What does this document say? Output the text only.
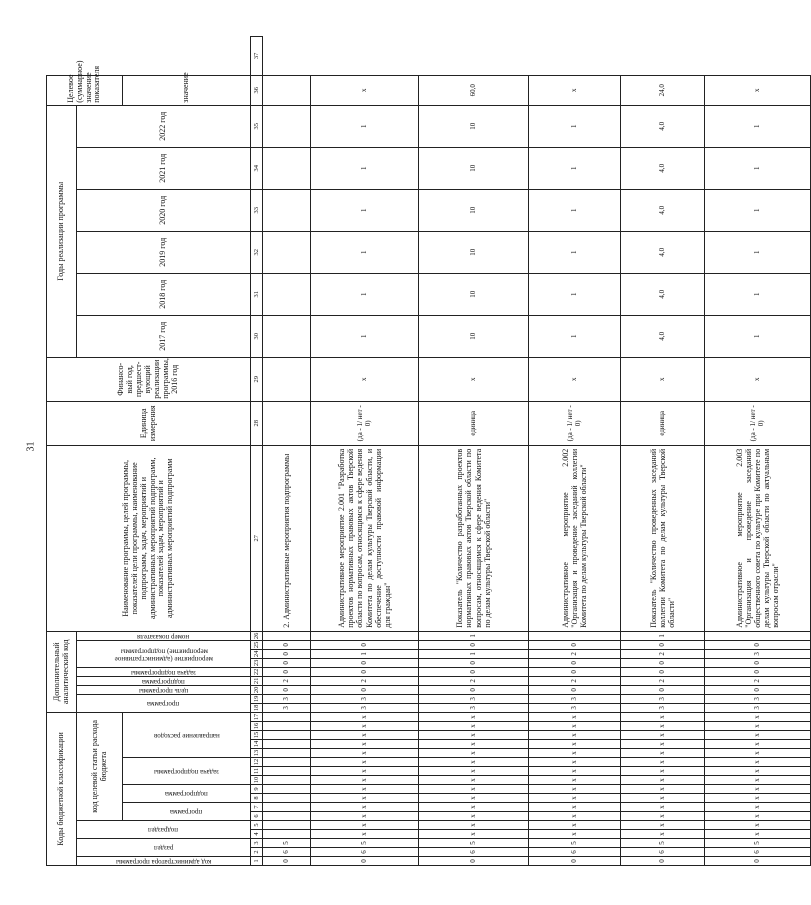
31
Коды бюджетной классификации																	Дополнительный аналитический код									Наименование программы, целей программы, показателей цели программы, наименование подпрограмм, задач, мероприятий и административных мероприятий подпрограмм, показателей задач, мероприятий и административных мероприятий подпрограмм	Единица измерения	Финансо-вый год, предшест-вующий реализации программы, 2016 год	Годы реализации программы						Целевое (суммарное) значение показателя	

код администратора программы	раздел		подраздел		код целевой статьи расхода бюджета												программа		цель программы	подпрограмма	задача подпрограммы	мероприятие (административное мероприятие) подпрограммы			номер показателя				2017 год	2018 год	2019 год	2020 год	2021 год	2022 год		

					программа		подпрограмма		задача подпрограммы			направление расходов																							значение	
1	2	3	4	5	6	7	8	9	10	11	12	13	14	15	16	17	18	19	20	21	22	23	24	25	26	27	28	29	30	31	32	33	34	35	36	37
0	6	5															3	3	0	2	0	0	0	0		2. Административные мероприятия подпрограммы										
0	6	5	х	х	х	х	х	х	х	х	х	х	х	х	х	х	3	3	0	2	0	0	1	0		Административное мероприятие 2.001 "Разработка проектов нормативных правовых актов Тверской области по вопросам, относящимся к сфере ведения Комитета по делам культуры Тверской области, и обеспечение доступности правовой информации для граждан"	(да - 1/ нет - 0)	х	1	1	1	1	1	1	х	
0	6	5	х	х	х	х	х	х	х	х	х	х	х	х	х	х	3	3	0	2	0	0	1	0	1	Показатель "Количество разработанных проектов нормативных правовых актов Тверской области по вопросам, относящимся к сфере ведения Комитета по делам культуры Тверской области"	единица	х	10	10	10	10	10	10	60,0	
0	6	5	х	х	х	х	х	х	х	х	х	х	х	х	х	х	3	3	0	2	0	0	2	0		Административное мероприятие 2.002 "Организация и проведение заседаний коллегии Комитета по делам культуры Тверской области"	(да - 1/ нет - 0)	х	1	1	1	1	1	1	х	
0	6	5	х	х	х	х	х	х	х	х	х	х	х	х	х	х	3	3	0	2	0	0	2	0	1	Показатель "Количество проведенных заседаний коллегии Комитета по делам культуры Тверской области"	единица	х	4,0	4,0	4,0	4,0	4,0	4,0	24,0	
0	6	5	х	х	х	х	х	х	х	х	х	х	х	х	х	х	3	3	0	2	0	0	3	0		Административное мероприятие 2.003 "Организация и проведение заседаний общественного совета по культуре при Комитете по делам культуры Тверской области по актуальным вопросам отрасли"	(да - 1/ нет - 0)	х	1	1	1	1	1	1	х	
